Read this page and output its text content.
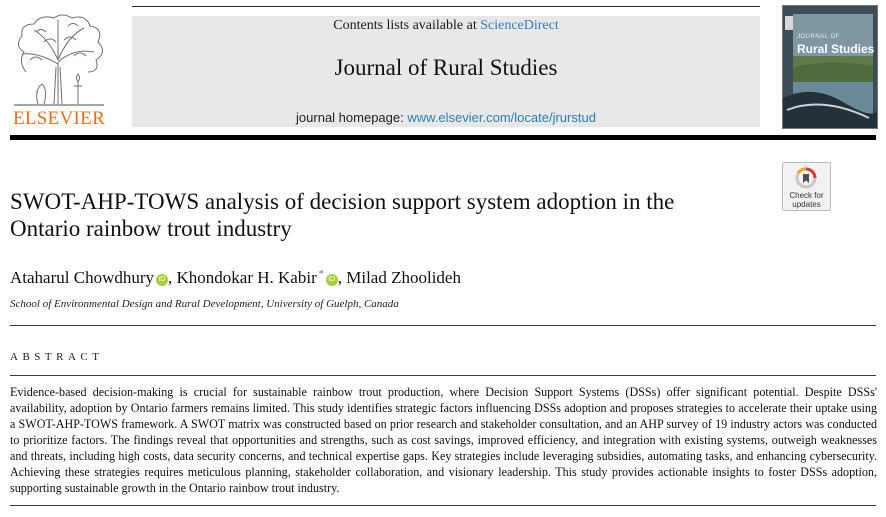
ELSEVIER
Contents lists available at ScienceDirect
Journal of Rural Studies
journal homepage: www.elsevier.com/locate/jrurstud
JOURNAL OF
Rural Studies
Check for
updates
SWOT-AHP-TOWS analysis of decision support system adoption in the Ontario rainbow trout industry
Ataharul Chowdhury iD , Khondokar H. Kabir * iD , Milad Zhoolideh
School of Environmental Design and Rural Development, University of Guelph, Canada
ABSTRACT

Evidence-based decision-making is crucial for sustainable rainbow trout production, where Decision Support Systems (DSSs) offer significant potential. Despite DSSs' availability, adoption by Ontario farmers remains limited. This study identifies strategic factors influencing DSSs adoption and proposes strategies to accelerate their uptake using a SWOT-AHP-TOWS framework. A SWOT matrix was constructed based on prior research and stakeholder consultation, and an AHP survey of 19 industry actors was conducted to prioritize factors. The findings reveal that opportunities and strengths, such as cost savings, improved efficiency, and integration with existing systems, outweigh weaknesses and threats, including high costs, data security concerns, and technical expertise gaps. Key strategies include leveraging subsidies, automating tasks, and enhancing cybersecurity. Achieving these strategies requires meticulous planning, stakeholder collaboration, and visionary leadership. This study provides actionable insights to foster DSSs adoption, supporting sustainable growth in the Ontario rainbow trout industry.
